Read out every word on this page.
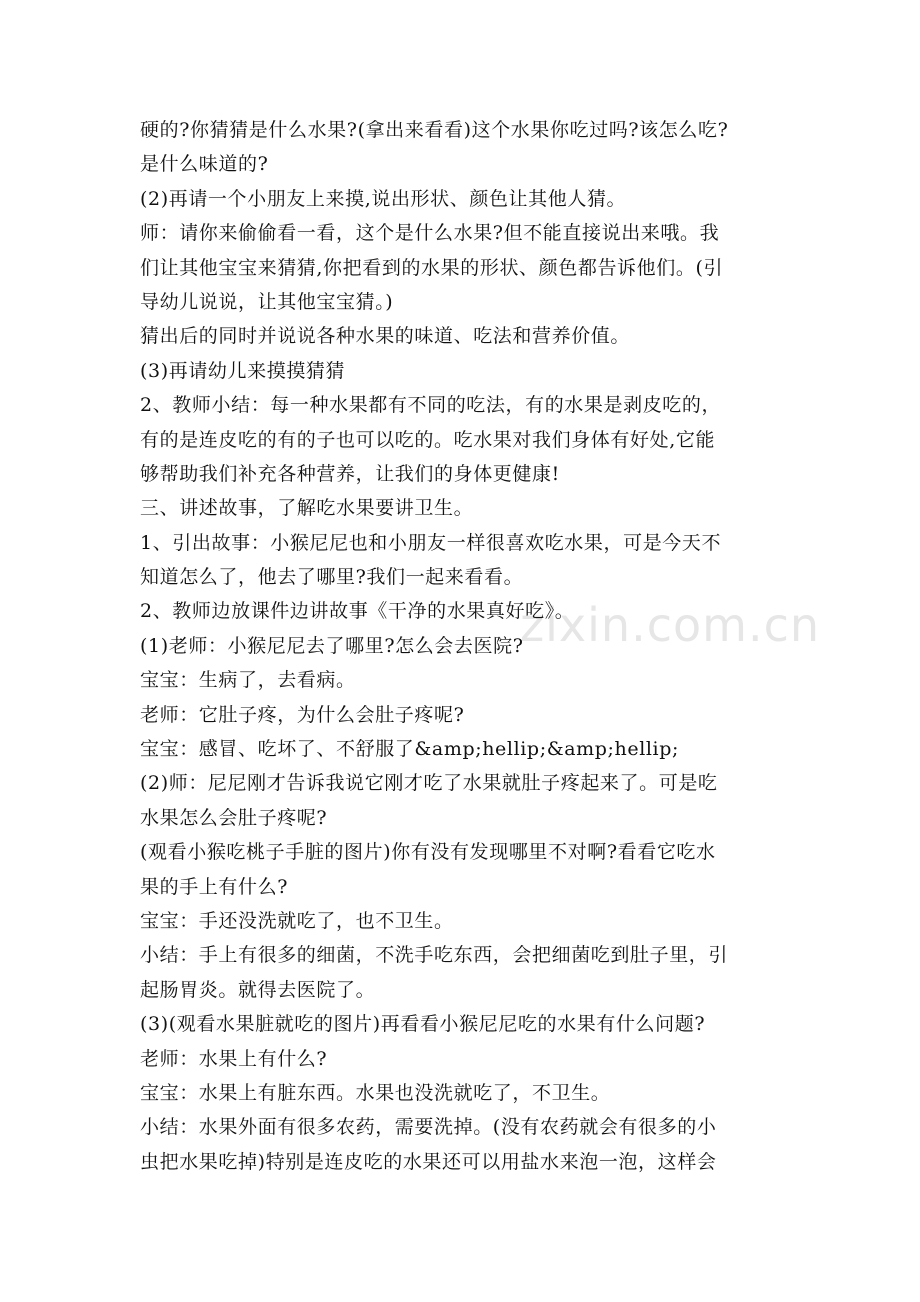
zixin.com.cn
硬的?你猜猜是什么水果?(拿出来看看)这个水果你吃过吗?该怎么吃?
是什么味道的?
(2)再请一个小朋友上来摸,说出形状、颜色让其他人猜。
师：请你来偷偷看一看，这个是什么水果?但不能直接说出来哦。我
们让其他宝宝来猜猜,你把看到的水果的形状、颜色都告诉他们。(引
导幼儿说说，让其他宝宝猜。)
猜出后的同时并说说各种水果的味道、吃法和营养价值。
(3)再请幼儿来摸摸猜猜
2、教师小结：每一种水果都有不同的吃法，有的水果是剥皮吃的，
有的是连皮吃的有的子也可以吃的。吃水果对我们身体有好处,它能
够帮助我们补充各种营养，让我们的身体更健康!
三、讲述故事，了解吃水果要讲卫生。
1、引出故事：小猴尼尼也和小朋友一样很喜欢吃水果，可是今天不
知道怎么了，他去了哪里?我们一起来看看。
2、教师边放课件边讲故事《干净的水果真好吃》。
(1)老师：小猴尼尼去了哪里?怎么会去医院?
宝宝：生病了，去看病。
老师：它肚子疼，为什么会肚子疼呢?
宝宝：感冒、吃坏了、不舒服了&amp;hellip;&amp;hellip;
(2)师：尼尼刚才告诉我说它刚才吃了水果就肚子疼起来了。可是吃
水果怎么会肚子疼呢?
(观看小猴吃桃子手脏的图片)你有没有发现哪里不对啊?看看它吃水
果的手上有什么?
宝宝：手还没洗就吃了，也不卫生。
小结：手上有很多的细菌，不洗手吃东西，会把细菌吃到肚子里，引
起肠胃炎。就得去医院了。
(3)(观看水果脏就吃的图片)再看看小猴尼尼吃的水果有什么问题?
老师：水果上有什么?
宝宝：水果上有脏东西。水果也没洗就吃了，不卫生。
小结：水果外面有很多农药，需要洗掉。(没有农药就会有很多的小
虫把水果吃掉)特别是连皮吃的水果还可以用盐水来泡一泡，这样会
